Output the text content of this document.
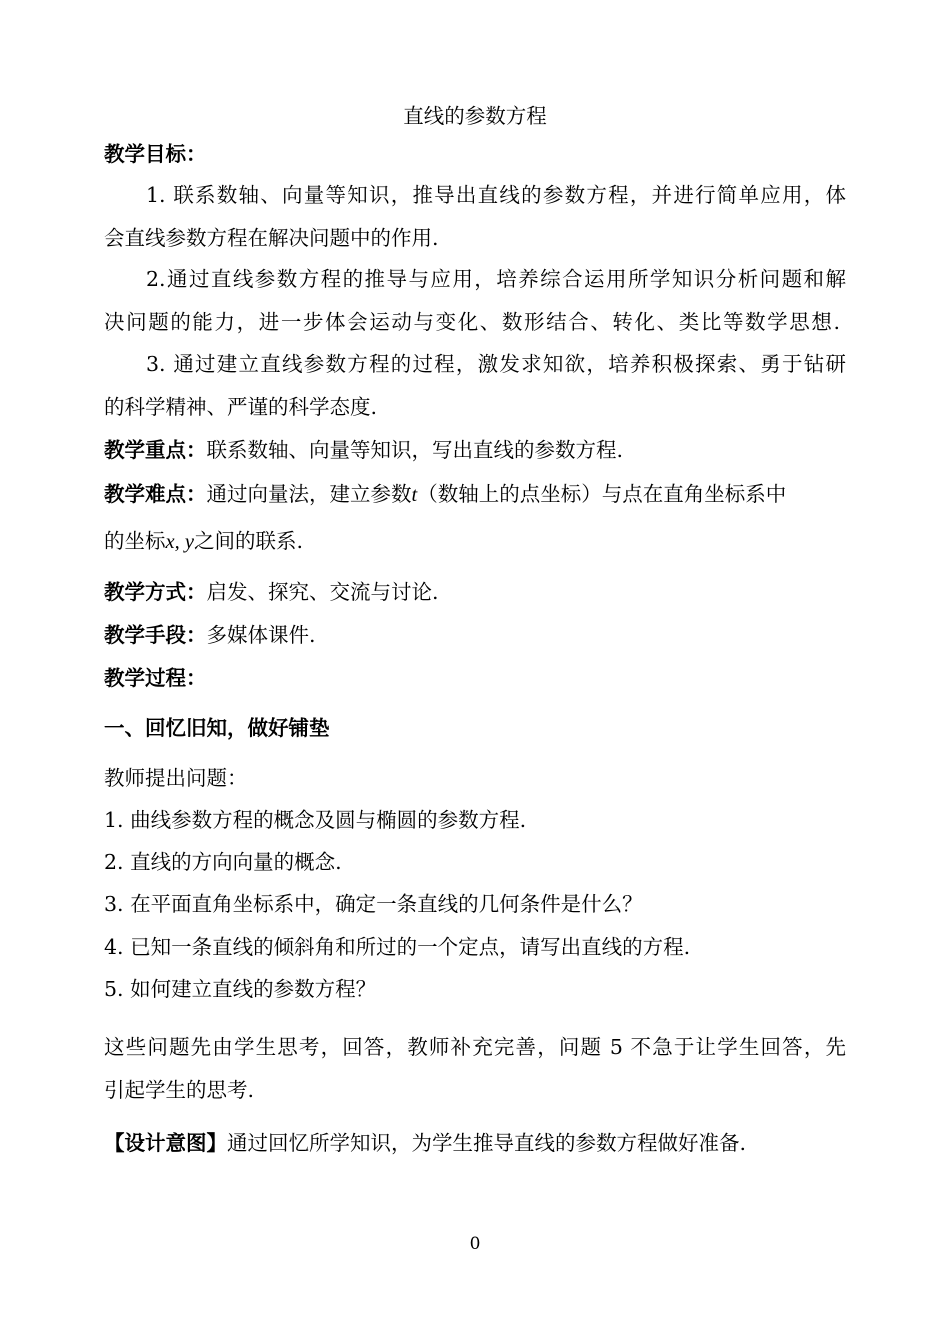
直线的参数方程
教学目标：
1. 联系数轴、向量等知识，推导出直线的参数方程，并进行简单应用，体
会直线参数方程在解决问题中的作用.
2.通过直线参数方程的推导与应用，培养综合运用所学知识分析问题和解
决问题的能力，进一步体会运动与变化、数形结合、转化、类比等数学思想.
3. 通过建立直线参数方程的过程，激发求知欲，培养积极探索、勇于钻研
的科学精神、严谨的科学态度.
教学重点：联系数轴、向量等知识，写出直线的参数方程.
教学难点：通过向量法，建立参数t（数轴上的点坐标）与点在直角坐标系中
的坐标x, y之间的联系.
教学方式：启发、探究、交流与讨论.
教学手段：多媒体课件.
教学过程：
一、回忆旧知，做好铺垫
教师提出问题：
1. 曲线参数方程的概念及圆与椭圆的参数方程.
2. 直线的方向向量的概念.
3. 在平面直角坐标系中，确定一条直线的几何条件是什么？
4. 已知一条直线的倾斜角和所过的一个定点，请写出直线的方程.
5. 如何建立直线的参数方程？
这些问题先由学生思考，回答，教师补充完善，问题 5 不急于让学生回答，先
引起学生的思考.
【设计意图】通过回忆所学知识，为学生推导直线的参数方程做好准备.
0
